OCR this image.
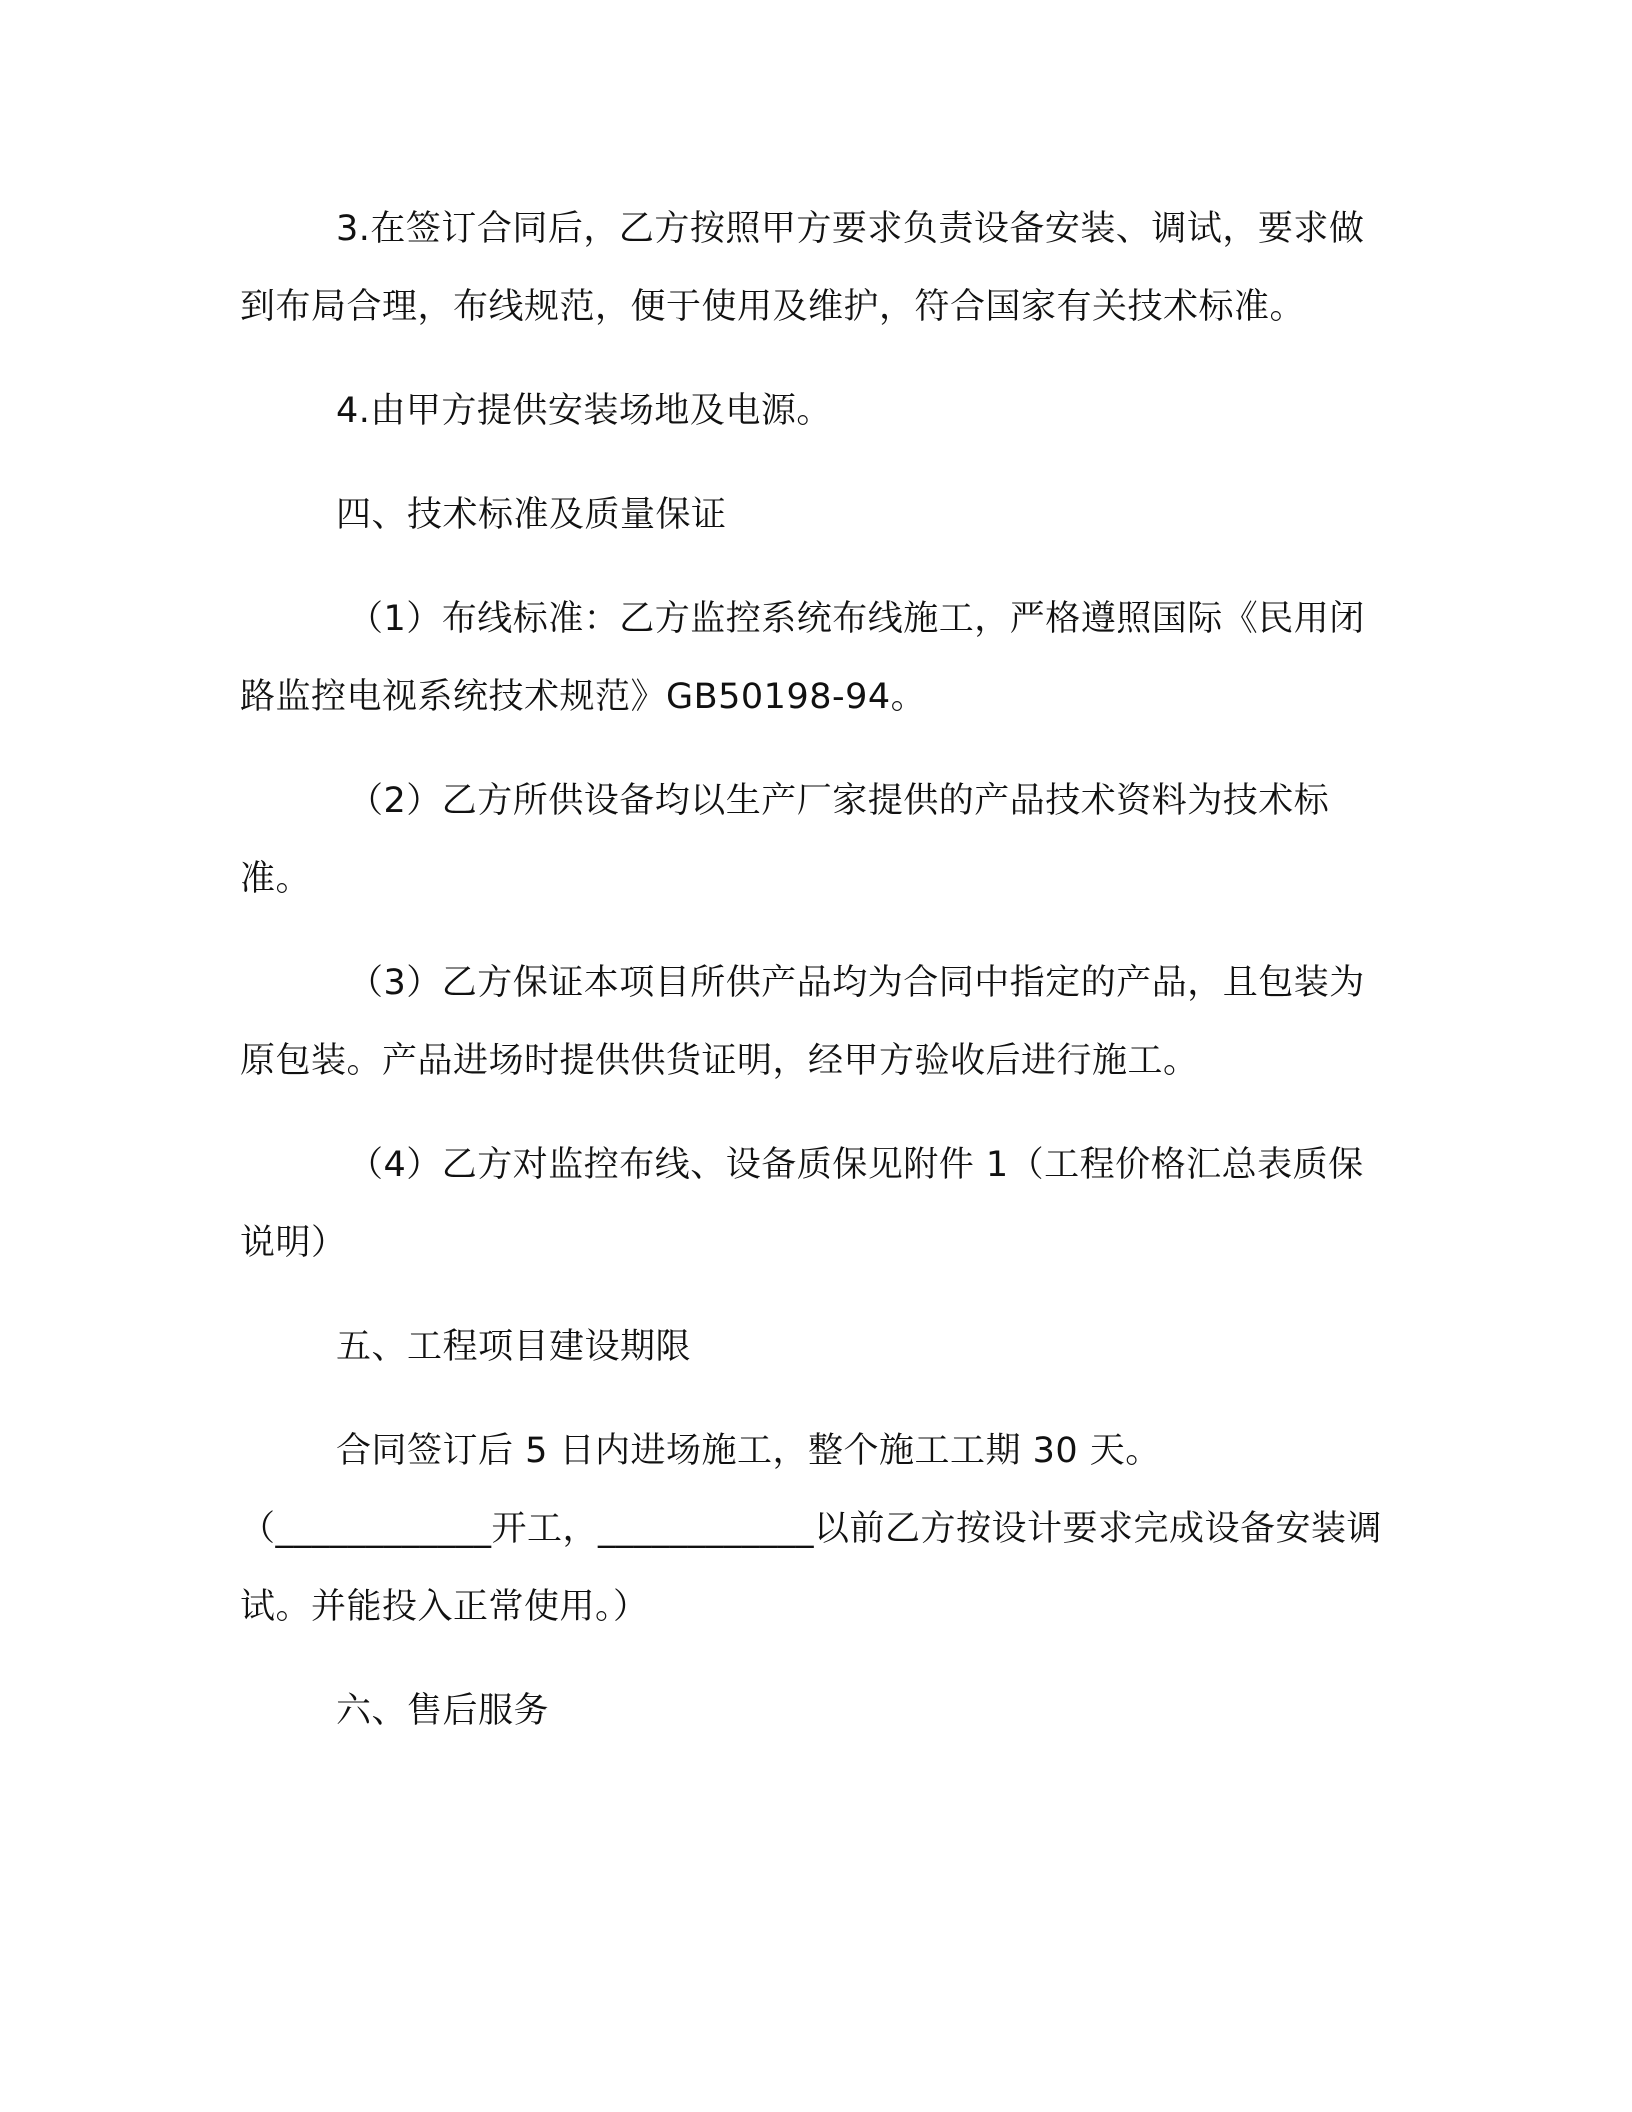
3.在签订合同后，乙方按照甲方要求负责设备安装、调试，要求做到布局合理，布线规范，便于使用及维护，符合国家有关技术标准。

4.由甲方提供安装场地及电源。

四、技术标准及质量保证

（1）布线标准：乙方监控系统布线施工，严格遵照国际《民用闭路监控电视系统技术规范》GB50198-94。

（2）乙方所供设备均以生产厂家提供的产品技术资料为技术标准。

（3）乙方保证本项目所供产品均为合同中指定的产品，且包装为原包装。产品进场时提供供货证明，经甲方验收后进行施工。

（4）乙方对监控布线、设备质保见附件 1（工程价格汇总表质保说明）

五、工程项目建设期限

合同签订后 5 日内进场施工，整个施工工期 30 天。

（____________开工，____________以前乙方按设计要求完成设备安装调试。并能投入正常使用。）

六、售后服务
